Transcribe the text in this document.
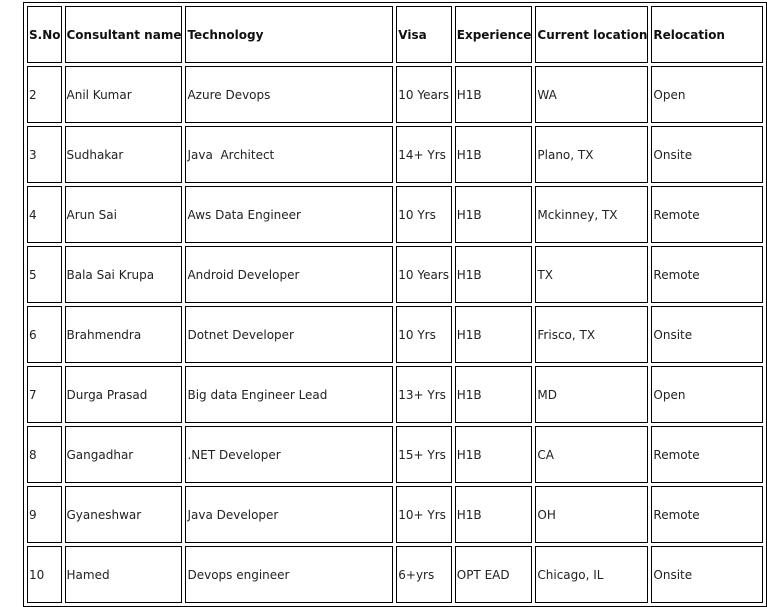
S.No	Consultant name	Technology	Visa	Experience	Current location	Relocation
2	Anil Kumar	Azure Devops	10 Years	H1B	WA	Open
3	Sudhakar	Java  Architect	14+ Yrs	H1B	Plano, TX	Onsite
4	Arun Sai	Aws Data Engineer	10 Yrs	H1B	Mckinney, TX	Remote
5	Bala Sai Krupa	Android Developer	10 Years	H1B	TX	Remote
6	Brahmendra	Dotnet Developer	10 Yrs	H1B	Frisco, TX	Onsite
7	Durga Prasad	Big data Engineer Lead	13+ Yrs	H1B	MD	Open
8	Gangadhar	.NET Developer	15+ Yrs	H1B	CA	Remote
9	Gyaneshwar	Java Developer	10+ Yrs	H1B	OH	Remote
10	Hamed	Devops engineer	6+yrs	OPT EAD	Chicago, IL	Onsite
